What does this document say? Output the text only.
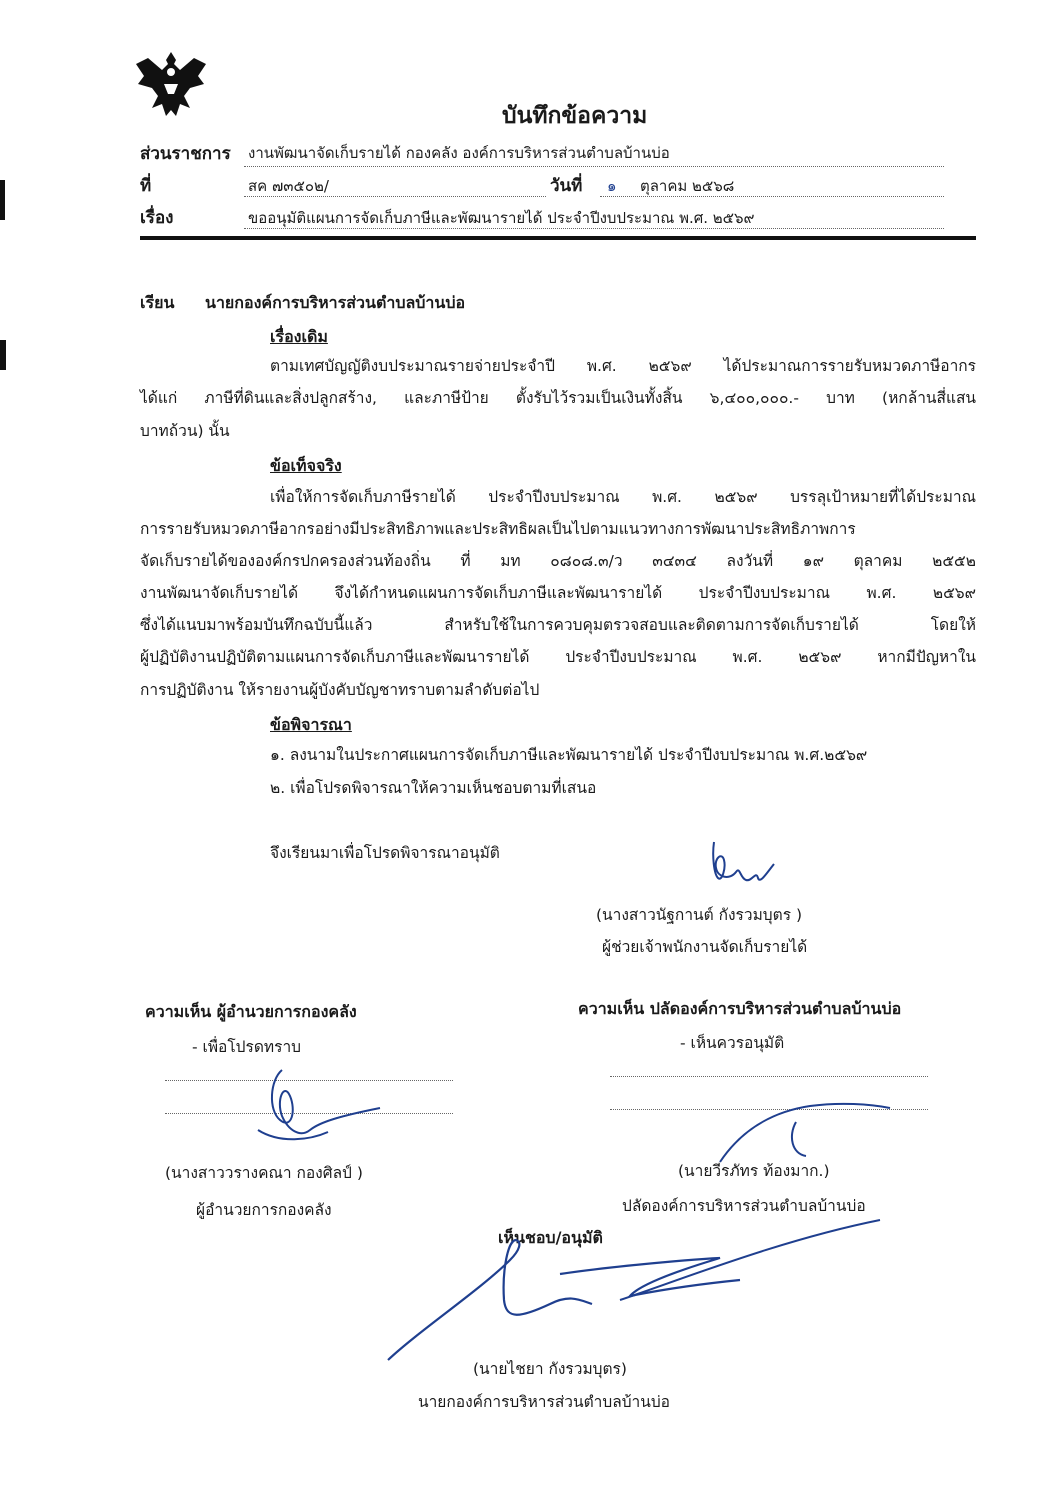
บันทึกข้อความ
ส่วนราชการ งานพัฒนาจัดเก็บรายได้ กองคลัง องค์การบริหารส่วนตำบลบ้านบ่อ
ที่	สค ๗๓๕๐๒/	วันที่ ๑ ตุลาคม ๒๕๖๘
เรื่อง	ขออนุมัติแผนการจัดเก็บภาษีและพัฒนารายได้ ประจำปีงบประมาณ พ.ศ. ๒๕๖๙
เรียน นายกองค์การบริหารส่วนตำบลบ้านบ่อ
เรื่องเดิม
ตามเทศบัญญัติงบประมาณรายจ่ายประจำปี พ.ศ. ๒๕๖๙ ได้ประมาณการรายรับหมวดภาษีอากร
ได้แก่ ภาษีที่ดินและสิ่งปลูกสร้าง, และภาษีป้าย ตั้งรับไว้รวมเป็นเงินทั้งสิ้น ๖,๔๐๐,๐๐๐.- บาท (หกล้านสี่แสน
บาทถ้วน) นั้น
ข้อเท็จจริง
เพื่อให้การจัดเก็บภาษีรายได้ ประจำปีงบประมาณ พ.ศ. ๒๕๖๙ บรรลุเป้าหมายที่ได้ประมาณ
การรายรับหมวดภาษีอากรอย่างมีประสิทธิภาพและประสิทธิผลเป็นไปตามแนวทางการพัฒนาประสิทธิภาพการ
จัดเก็บรายได้ขององค์กรปกครองส่วนท้องถิ่น ที่ มท ๐๘๐๘.๓/ว ๓๔๓๔ ลงวันที่ ๑๙ ตุลาคม ๒๕๕๒
งานพัฒนาจัดเก็บรายได้ จึงได้กำหนดแผนการจัดเก็บภาษีและพัฒนารายได้ ประจำปีงบประมาณ พ.ศ. ๒๕๖๙
ซึ่งได้แนบมาพร้อมบันทึกฉบับนี้แล้ว สำหรับใช้ในการควบคุมตรวจสอบและติดตามการจัดเก็บรายได้ โดยให้
ผู้ปฏิบัติงานปฏิบัติตามแผนการจัดเก็บภาษีและพัฒนารายได้ ประจำปีงบประมาณ พ.ศ. ๒๕๖๙ หากมีปัญหาใน
การปฏิบัติงาน ให้รายงานผู้บังคับบัญชาทราบตามลำดับต่อไป
ข้อพิจารณา
๑. ลงนามในประกาศแผนการจัดเก็บภาษีและพัฒนารายได้ ประจำปีงบประมาณ พ.ศ.๒๕๖๙
๒. เพื่อโปรดพิจารณาให้ความเห็นชอบตามที่เสนอ
จึงเรียนมาเพื่อโปรดพิจารณาอนุมัติ
(นางสาวนัฐกานต์ กังรวมบุตร )
ผู้ช่วยเจ้าพนักงานจัดเก็บรายได้
ความเห็น ผู้อำนวยการกองคลัง
- เพื่อโปรดทราบ
(นางสาววรางคณา กองศิลป์ )
ผู้อำนวยการกองคลัง
ความเห็น ปลัดองค์การบริหารส่วนตำบลบ้านบ่อ
- เห็นควรอนุมัติ
(นายวีรภัทร ท้องมาก.)
ปลัดองค์การบริหารส่วนตำบลบ้านบ่อ
เห็นชอบ/อนุมัติ
(นายไชยา กังรวมบุตร)
นายกองค์การบริหารส่วนตำบลบ้านบ่อ
